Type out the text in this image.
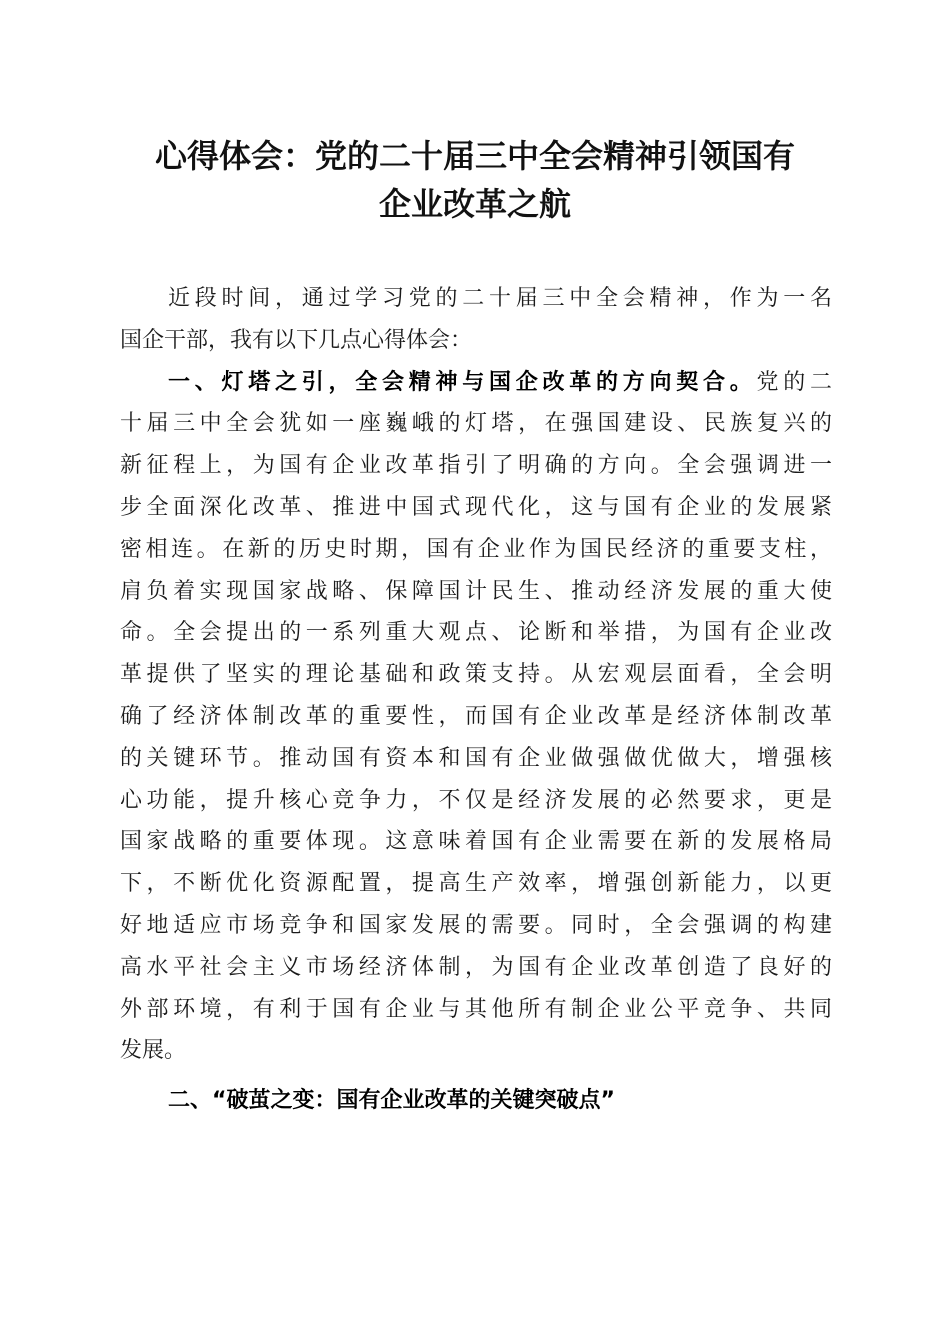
心得体会：党的二十届三中全会精神引领国有
企业改革之航
近段时间，通过学习党的二十届三中全会精神，作为一名
国企干部，我有以下几点心得体会：
一、灯塔之引，全会精神与国企改革的方向契合。党的二
十届三中全会犹如一座巍峨的灯塔，在强国建设、民族复兴的
新征程上，为国有企业改革指引了明确的方向。全会强调进一
步全面深化改革、推进中国式现代化，这与国有企业的发展紧
密相连。在新的历史时期，国有企业作为国民经济的重要支柱，
肩负着实现国家战略、保障国计民生、推动经济发展的重大使
命。全会提出的一系列重大观点、论断和举措，为国有企业改
革提供了坚实的理论基础和政策支持。从宏观层面看，全会明
确了经济体制改革的重要性，而国有企业改革是经济体制改革
的关键环节。推动国有资本和国有企业做强做优做大，增强核
心功能，提升核心竞争力，不仅是经济发展的必然要求，更是
国家战略的重要体现。这意味着国有企业需要在新的发展格局
下，不断优化资源配置，提高生产效率，增强创新能力，以更
好地适应市场竞争和国家发展的需要。同时，全会强调的构建
高水平社会主义市场经济体制，为国有企业改革创造了良好的
外部环境，有利于国有企业与其他所有制企业公平竞争、共同
发展。
二、“破茧之变：国有企业改革的关键突破点”
